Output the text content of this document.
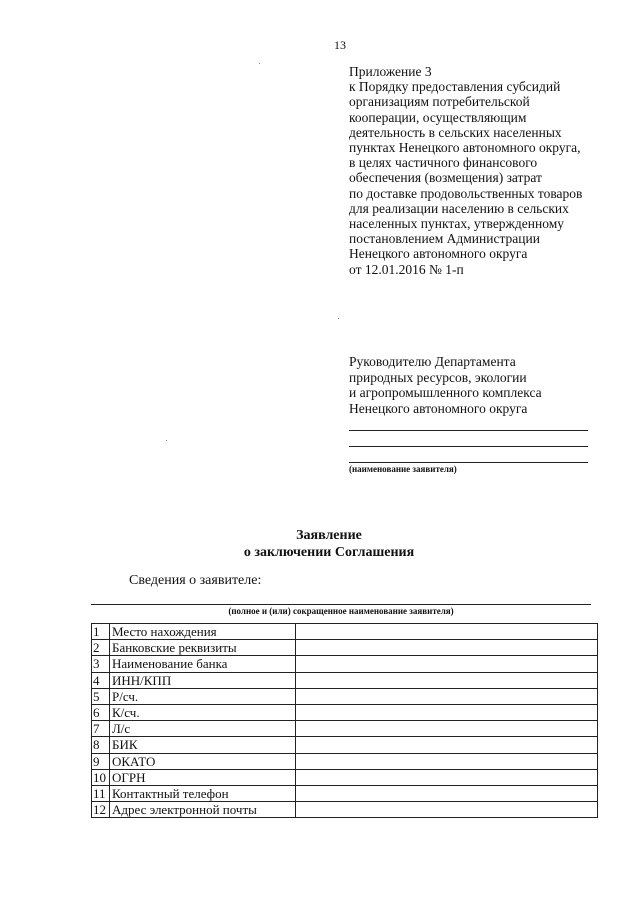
13
Приложение 3
к Порядку предоставления субсидий
организациям потребительской
кооперации, осуществляющим
деятельность в сельских населенных
пунктах Ненецкого автономного округа,
в целях частичного финансового
обеспечения (возмещения) затрат
по доставке продовольственных товаров
для реализации населению в сельских
населенных пунктах, утвержденному
постановлением Администрации
Ненецкого автономного округа
от 12.01.2016 № 1-п
Руководителю Департамента
природных ресурсов, экологии
и агропромышленного комплекса
Ненецкого автономного округа
(наименование заявителя)
Заявление
о заключении Соглашения
Сведения о заявителе:
(полное и (или) сокращенное наименование заявителя)
1	Место нахождения	
2	Банковские реквизиты	
3	Наименование банка	
4	ИНН/КПП	
5	Р/сч.	
6	К/сч.	
7	Л/с	
8	БИК	
9	ОКАТО	
10	ОГРН	
11	Контактный телефон	
12	Адрес электронной почты	
